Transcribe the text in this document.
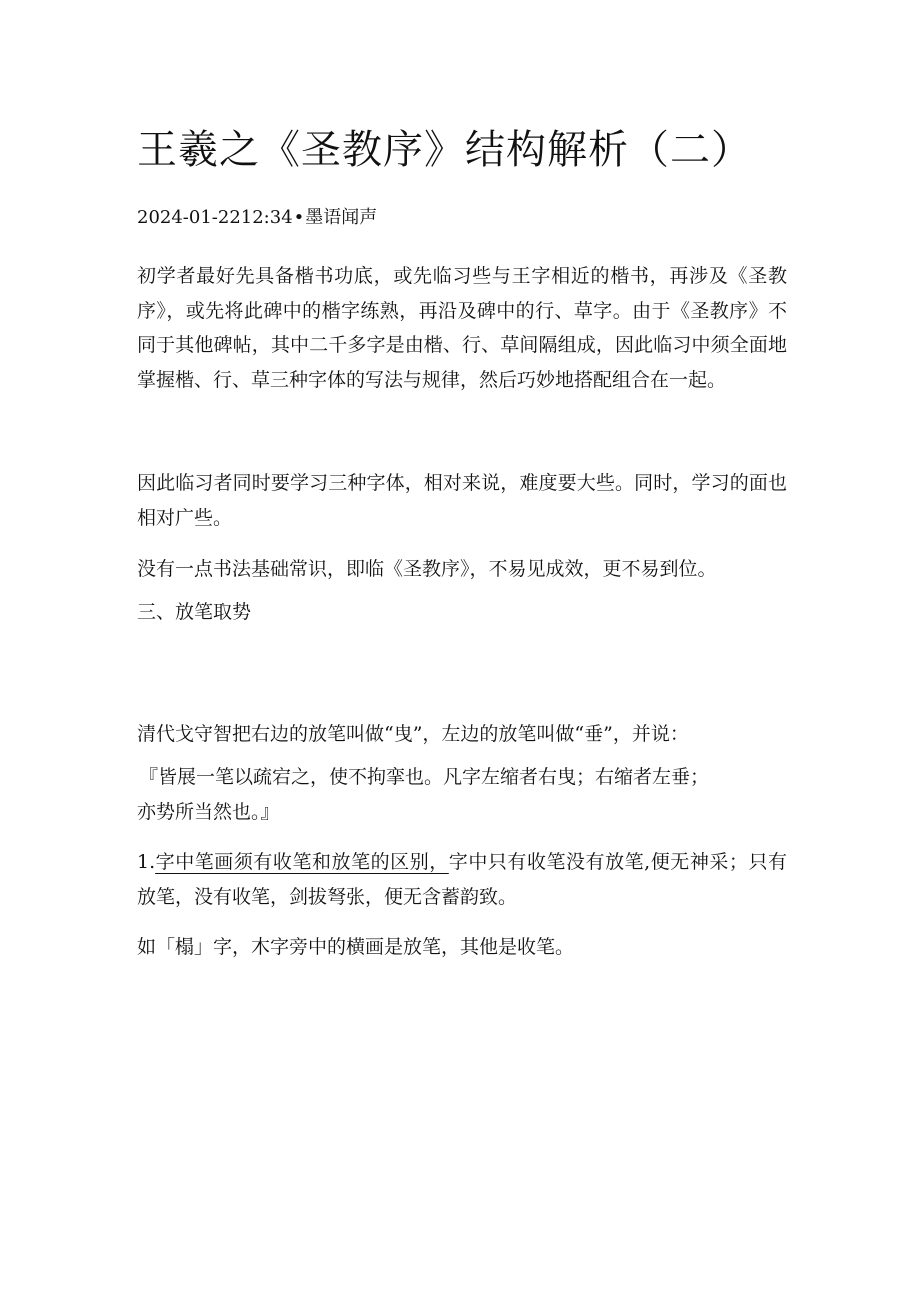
王羲之《圣教序》结构解析（二）
2024-01-2212:34•墨语闻声

初学者最好先具备楷书功底，或先临习些与王字相近的楷书，再涉及《圣教序》，或先将此碑中的楷字练熟，再沿及碑中的行、草字。由于《圣教序》不同于其他碑帖，其中二千多字是由楷、行、草间隔组成，因此临习中须全面地掌握楷、行、草三种字体的写法与规律，然后巧妙地搭配组合在一起。

因此临习者同时要学习三种字体，相对来说，难度要大些。同时，学习的面也相对广些。

没有一点书法基础常识，即临《圣教序》，不易见成效，更不易到位。

三、放笔取势

清代戈守智把右边的放笔叫做“曳”，左边的放笔叫做“垂”，并说：

『皆展一笔以疏宕之，使不拘挛也。凡字左缩者右曳；右缩者左垂；
亦势所当然也。』

1.字中笔画须有收笔和放笔的区别，字中只有收笔没有放笔,便无神采；只有放笔，没有收笔，剑拔弩张，便无含蓄韵致。

如「榻」字，木字旁中的横画是放笔，其他是收笔。
